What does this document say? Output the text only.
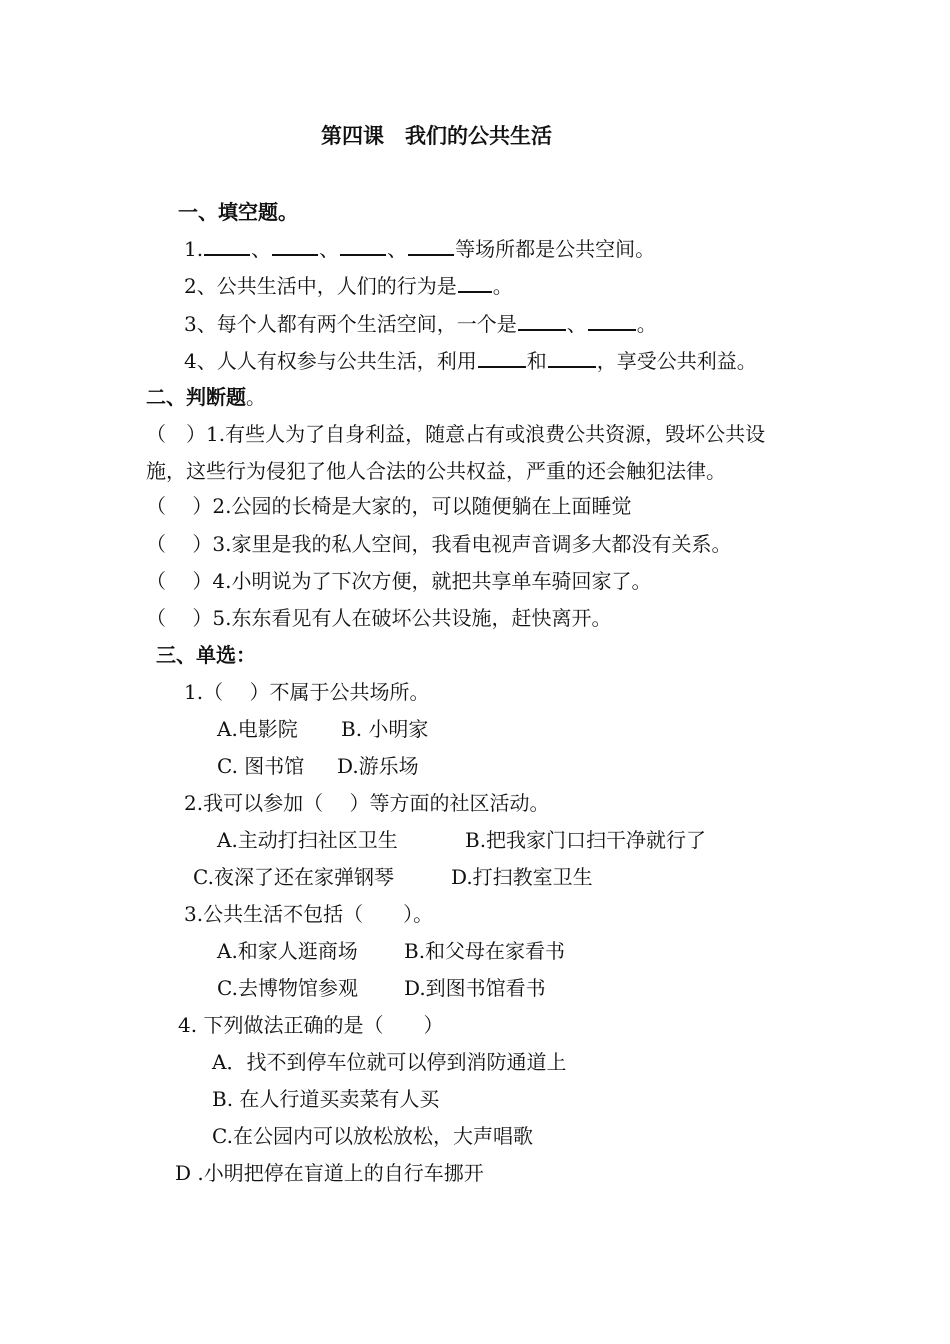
第四课　我们的公共生活
一、填空题。
1. 、 、 、 等场所都是公共空间。
2、公共生活中，人们的行为是 。
3、每个人都有两个生活空间，一个是	、	。
4、人人有权参与公共生活，利用	和	，享受公共利益。
二、判断题。
（　）1.有些人为了自身利益，随意占有或浪费公共资源，毁坏公共设
施，这些行为侵犯了他人合法的公共权益，严重的还会触犯法律。
（　 ）2.公园的长椅是大家的，可以随便躺在上面睡觉
（　 ）3.家里是我的私人空间，我看电视声音调多大都没有关系。
（　 ）4.小明说为了下次方便，就把共享单车骑回家了。
（　 ）5.东东看见有人在破坏公共设施，赶快离开。
三、单选：
1.（　 ）不属于公共场所。
A.电影院 B. 小明家
C. 图书馆 D.游乐场
2.我可以参加（　 ）等方面的社区活动。
A.主动打扫社区卫生	B.把我家门口扫干净就行了
C.夜深了还在家弹钢琴	D.打扫教室卫生
3.公共生活不包括（　　）。
A.和家人逛商场 B.和父母在家看书
C.去博物馆参观 D.到图书馆看书
4. 下列做法正确的是（　　）
A．找不到停车位就可以停到消防通道上
B. 在人行道买卖菜有人买
C.在公园内可以放松放松，大声唱歌
D .小明把停在盲道上的自行车挪开
